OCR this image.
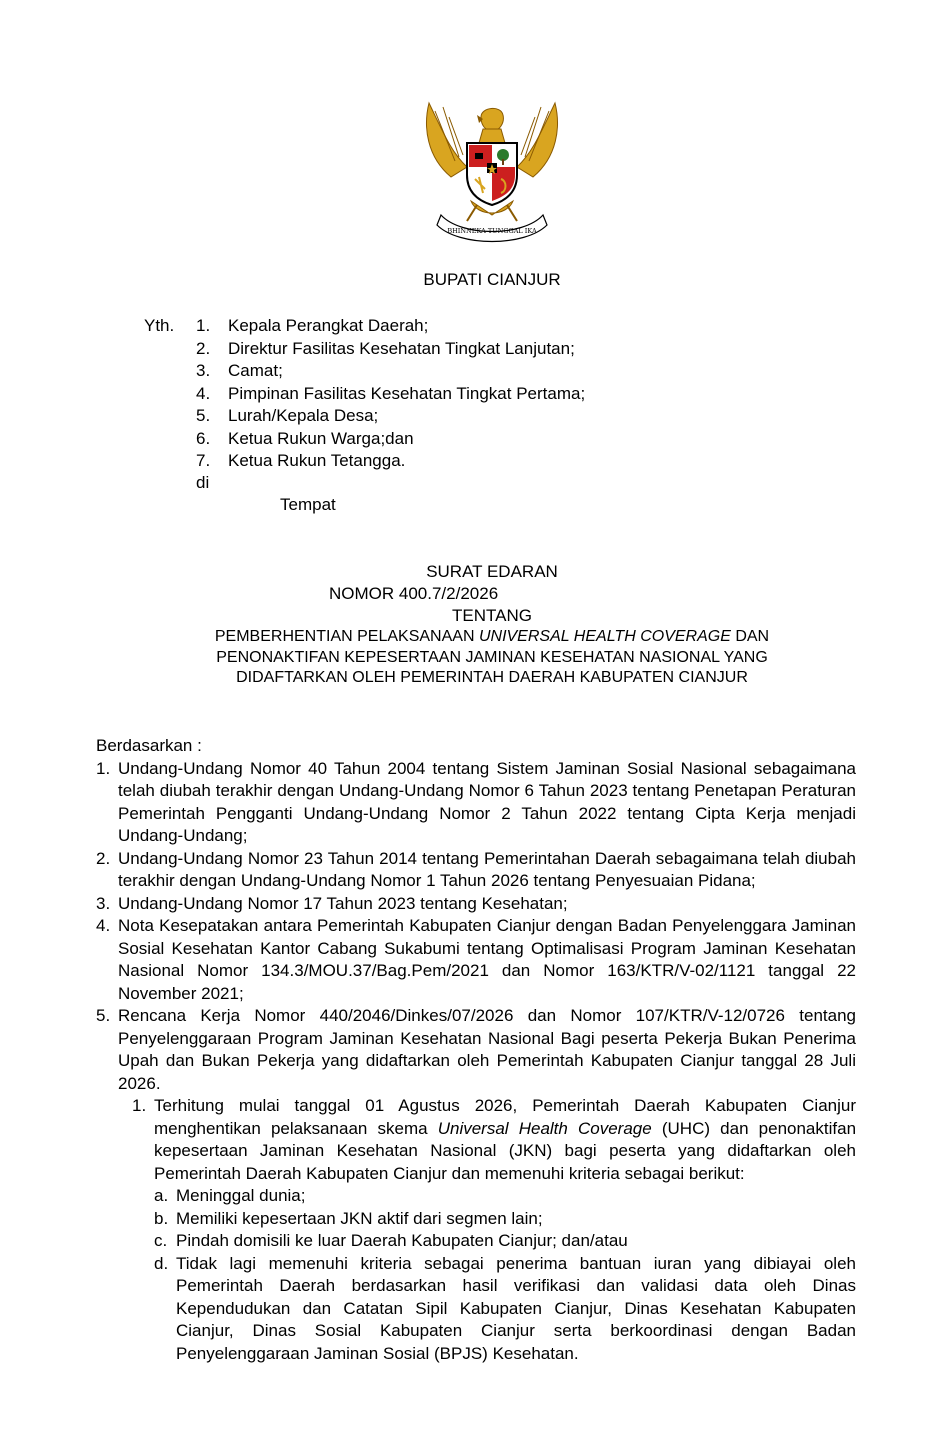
BHINNEKA TUNGGAL IKA
BUPATI CIANJUR
Yth. 1. Kepala Perangkat Daerah;
2. Direktur Fasilitas Kesehatan Tingkat Lanjutan;
3. Camat;
4. Pimpinan Fasilitas Kesehatan Tingkat Pertama;
5. Lurah/Kepala Desa;
6. Ketua Rukun Warga;dan
7. Ketua Rukun Tetangga.
di
Tempat
SURAT EDARAN
NOMOR 400.7/2/2026
TENTANG
PEMBERHENTIAN PELAKSANAAN UNIVERSAL HEALTH COVERAGE DAN
PENONAKTIFAN KEPESERTAAN JAMINAN KESEHATAN NASIONAL YANG
DIDAFTARKAN OLEH PEMERINTAH DAERAH KABUPATEN CIANJUR
Berdasarkan :
1. Undang-Undang Nomor 40 Tahun 2004 tentang Sistem Jaminan Sosial Nasional sebagaimana telah diubah terakhir dengan Undang-Undang Nomor 6 Tahun 2023 tentang Penetapan Peraturan Pemerintah Pengganti Undang-Undang Nomor 2 Tahun 2022 tentang Cipta Kerja menjadi Undang-Undang;
2. Undang-Undang Nomor 23 Tahun 2014 tentang Pemerintahan Daerah sebagaimana telah diubah terakhir dengan Undang-Undang Nomor 1 Tahun 2026 tentang Penyesuaian Pidana;
3. Undang-Undang Nomor 17 Tahun 2023 tentang Kesehatan;
4. Nota Kesepatakan antara Pemerintah Kabupaten Cianjur dengan Badan Penyelenggara Jaminan Sosial Kesehatan Kantor Cabang Sukabumi tentang Optimalisasi Program Jaminan Kesehatan Nasional Nomor 134.3/MOU.37/Bag.Pem/2021 dan Nomor 163/KTR/V-02/1121 tanggal 22 November 2021;
5. Rencana Kerja Nomor 440/2046/Dinkes/07/2026 dan Nomor 107/KTR/V-12/0726 tentang Penyelenggaraan Program Jaminan Kesehatan Nasional Bagi peserta Pekerja Bukan Penerima Upah dan Bukan Pekerja yang didaftarkan oleh Pemerintah Kabupaten Cianjur tanggal 28 Juli 2026.
1. Terhitung mulai tanggal 01 Agustus 2026, Pemerintah Daerah Kabupaten Cianjur menghentikan pelaksanaan skema Universal Health Coverage (UHC) dan penonaktifan kepesertaan Jaminan Kesehatan Nasional (JKN) bagi peserta yang didaftarkan oleh Pemerintah Daerah Kabupaten Cianjur dan memenuhi kriteria sebagai berikut:
a. Meninggal dunia;
b. Memiliki kepesertaan JKN aktif dari segmen lain;
c. Pindah domisili ke luar Daerah Kabupaten Cianjur; dan/atau
d. Tidak lagi memenuhi kriteria sebagai penerima bantuan iuran yang dibiayai oleh Pemerintah Daerah berdasarkan hasil verifikasi dan validasi data oleh Dinas Kependudukan dan Catatan Sipil Kabupaten Cianjur, Dinas Kesehatan Kabupaten Cianjur, Dinas Sosial Kabupaten Cianjur serta berkoordinasi dengan Badan Penyelenggaraan Jaminan Sosial (BPJS) Kesehatan.
